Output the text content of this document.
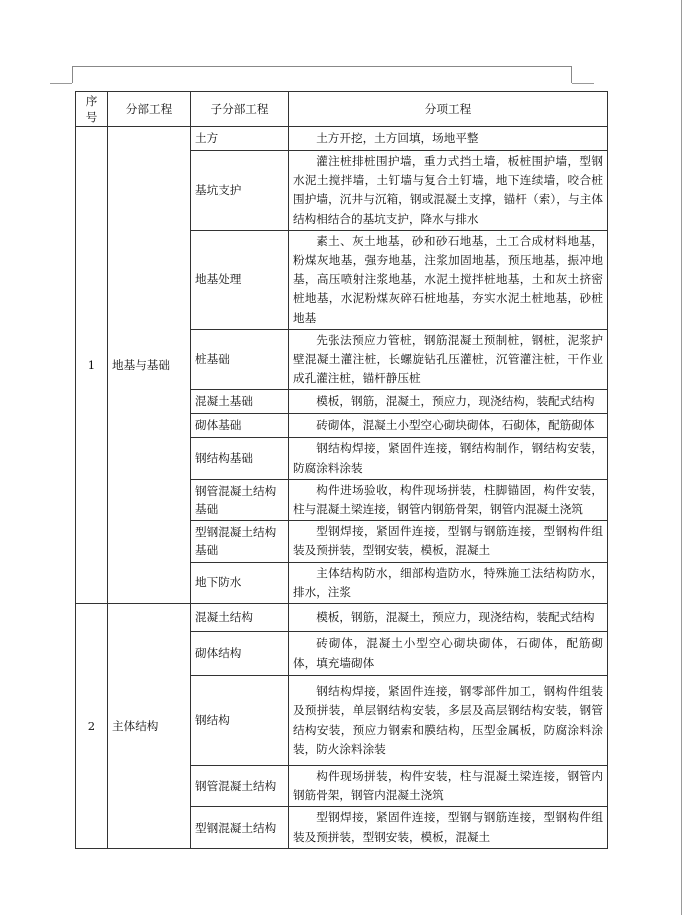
序号	分部工程	子分部工程	分项工程
1	地基与基础	土方	土方开挖，土方回填，场地平整
		基坑支护	灌注桩排桩围护墙，重力式挡土墙，板桩围护墙，型钢水泥土搅拌墙，土钉墙与复合土钉墙，地下连续墙，咬合桩围护墙，沉井与沉箱，钢或混凝土支撑，锚杆（索），与主体结构相结合的基坑支护，降水与排水
		地基处理	素土、灰土地基，砂和砂石地基，土工合成材料地基，粉煤灰地基，强夯地基，注浆加固地基，预压地基，振冲地基，高压喷射注浆地基，水泥土搅拌桩地基，土和灰土挤密桩地基，水泥粉煤灰碎石桩地基，夯实水泥土桩地基，砂桩地基
		桩基础	先张法预应力管桩，钢筋混凝土预制桩，钢桩，泥浆护壁混凝土灌注桩，长螺旋钻孔压灌桩，沉管灌注桩，干作业成孔灌注桩，锚杆静压桩
		混凝土基础	模板，钢筋，混凝土，预应力，现浇结构，装配式结构
		砌体基础	砖砌体，混凝土小型空心砌块砌体，石砌体，配筋砌体
		钢结构基础	钢结构焊接，紧固件连接，钢结构制作，钢结构安装，防腐涂料涂装
		钢管混凝土结构基础	构件进场验收，构件现场拼装，柱脚锚固，构件安装，柱与混凝土梁连接，钢管内钢筋骨架，钢管内混凝土浇筑
		型钢混凝土结构基础	型钢焊接，紧固件连接，型钢与钢筋连接，型钢构件组装及预拼装，型钢安装，模板，混凝土
		地下防水	主体结构防水，细部构造防水，特殊施工法结构防水，排水，注浆
2	主体结构	混凝土结构	模板，钢筋，混凝土，预应力，现浇结构，装配式结构
		砌体结构	砖砌体，混凝土小型空心砌块砌体，石砌体，配筋砌体，填充墙砌体
		钢结构	钢结构焊接，紧固件连接，钢零部件加工，钢构件组装及预拼装，单层钢结构安装，多层及高层钢结构安装，钢管结构安装，预应力钢索和膜结构，压型金属板，防腐涂料涂装，防火涂料涂装
		钢管混凝土结构	构件现场拼装，构件安装，柱与混凝土梁连接，钢管内钢筋骨架，钢管内混凝土浇筑
		型钢混凝土结构	型钢焊接，紧固件连接，型钢与钢筋连接，型钢构件组装及预拼装，型钢安装，模板，混凝土
